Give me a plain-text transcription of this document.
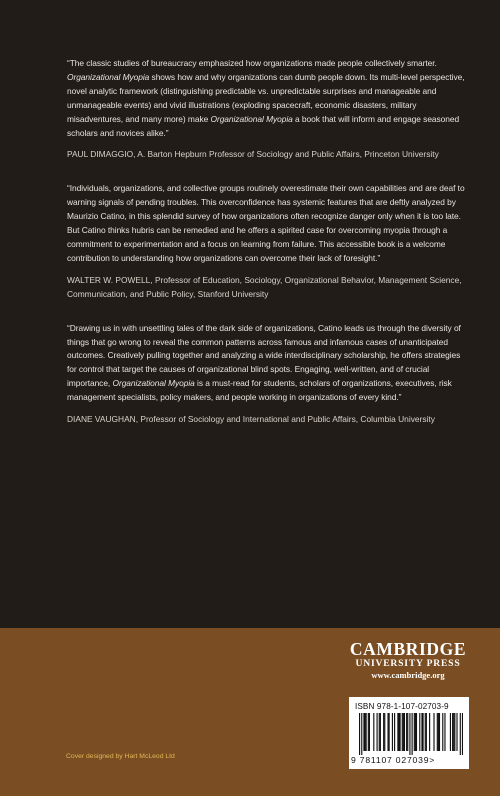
“The classic studies of bureaucracy emphasized how organizations made people collectively smarter. Organizational Myopia shows how and why organizations can dumb people down. Its multi-level perspective, novel analytic framework (distinguishing predictable vs. unpredictable surprises and manageable and unmanageable events) and vivid illustrations (exploding spacecraft, economic disasters, military misadventures, and many more) make Organizational Myopia a book that will inform and engage seasoned scholars and novices alike.”

PAUL DIMAGGIO, A. Barton Hepburn Professor of Sociology and Public Affairs, Princeton University

“Individuals, organizations, and collective groups routinely overestimate their own capabilities and are deaf to warning signals of pending troubles. This overconfidence has systemic features that are deftly analyzed by Maurizio Catino, in this splendid survey of how organizations often recognize danger only when it is too late. But Catino thinks hubris can be remedied and he offers a spirited case for overcoming myopia through a commitment to experimentation and a focus on learning from failure. This accessible book is a welcome contribution to understanding how organizations can overcome their lack of foresight.”

WALTER W. POWELL, Professor of Education, Sociology, Organizational Behavior, Management Science, Communication, and Public Policy, Stanford University

“Drawing us in with unsettling tales of the dark side of organizations, Catino leads us through the diversity of things that go wrong to reveal the common patterns across famous and infamous cases of unanticipated outcomes. Creatively pulling together and analyzing a wide interdisciplinary scholarship, he offers strategies for control that target the causes of organizational blind spots. Engaging, well-written, and of crucial importance, Organizational Myopia is a must-read for students, scholars of organizations, executives, risk management specialists, policy makers, and people working in organizations of every kind.”

DIANE VAUGHAN, Professor of Sociology and International and Public Affairs, Columbia University

CAMBRIDGE
UNIVERSITY PRESS
www.cambridge.org
ISBN 978-1-107-02703-9
9 781107 027039>
Cover designed by Hart McLeod Ltd
